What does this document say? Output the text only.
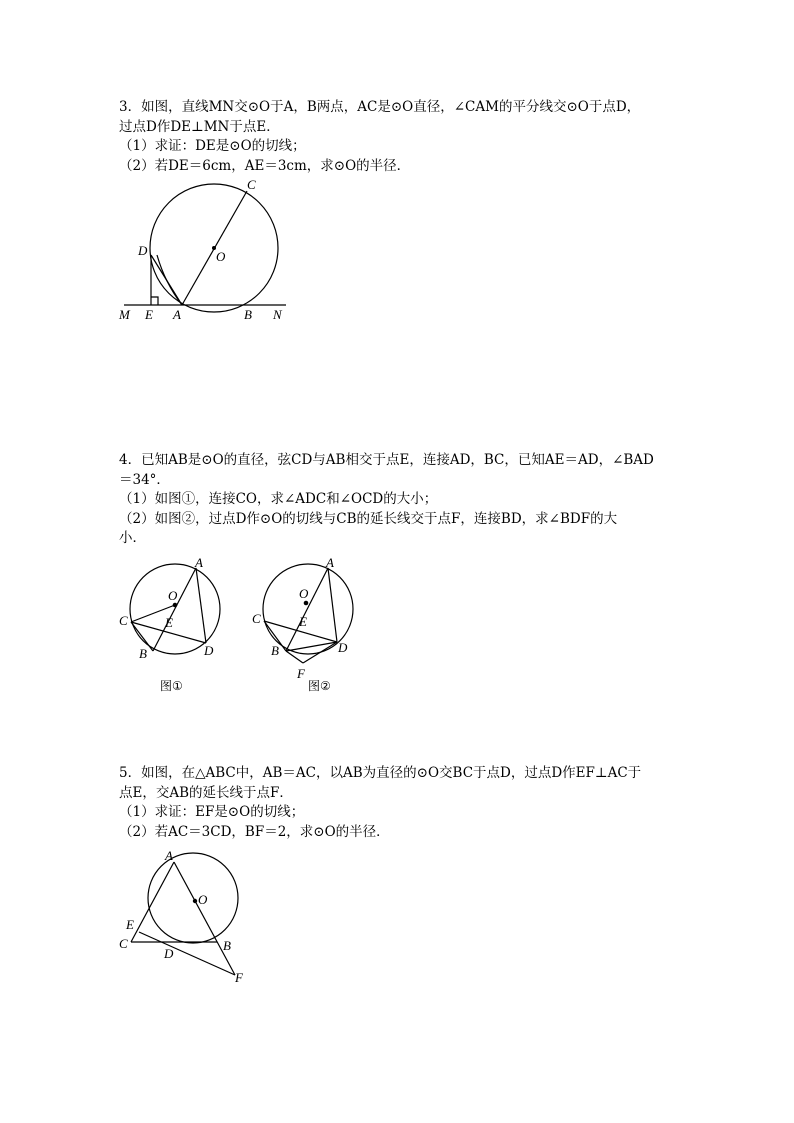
3．如图，直线MN交⊙O于A，B两点，AC是⊙O直径，∠CAM的平分线交⊙O于点D，
过点D作DE⊥MN于点E．
（1）求证：DE是⊙O的切线；
（2）若DE＝6cm，AE＝3cm，求⊙O的半径．
C
D	O
M E A	B N
4．已知AB是⊙O的直径，弦CD与AB相交于点E，连接AD，BC，已知AE＝AD，∠BAD
＝34°．
（1）如图①，连接CO，求∠ADC和∠OCD的大小；
（2）如图②，过点D作⊙O的切线与CB的延长线交于点F，连接BD，求∠BDF的大
小．
A
O
C	E
B	D
图①
A
O
C	E
B	D
F
图②
5．如图，在△ABC中，AB＝AC，以AB为直径的⊙O交BC于点D，过点D作EF⊥AC于
点E，交AB的延长线于点F．
（1）求证：EF是⊙O的切线；
（2）若AC＝3CD，BF＝2，求⊙O的半径．
A
O
E
C
D
B
F
